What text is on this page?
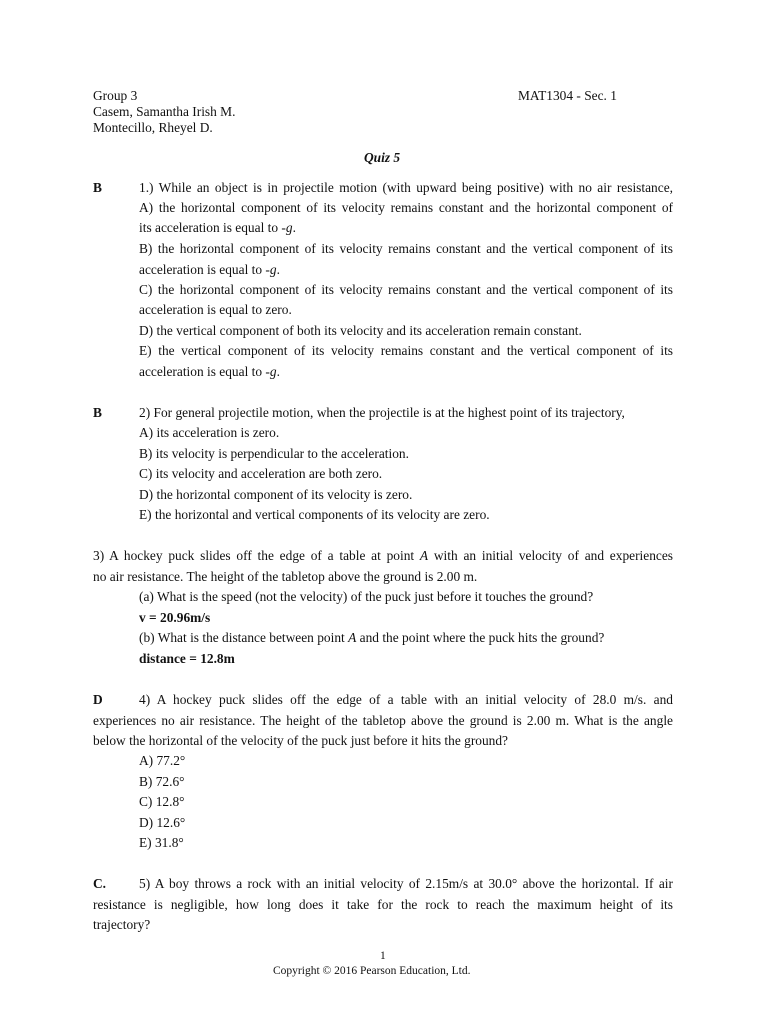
Group 3	MAT1304 - Sec. 1
Casem, Samantha Irish M.
Montecillo, Rheyel D.
Quiz 5
B	1.) While an object is in projectile motion (with upward being positive) with no air resistance,
A) the horizontal component of its velocity remains constant and the horizontal component of
its acceleration is equal to -g.
B) the horizontal component of its velocity remains constant and the vertical component of its
acceleration is equal to -g.
C) the horizontal component of its velocity remains constant and the vertical component of its
acceleration is equal to zero.
D) the vertical component of both its velocity and its acceleration remain constant.
E) the vertical component of its velocity remains constant and the vertical component of its
acceleration is equal to -g.
B	2) For general projectile motion, when the projectile is at the highest point of its trajectory,
A) its acceleration is zero.
B) its velocity is perpendicular to the acceleration.
C) its velocity and acceleration are both zero.
D) the horizontal component of its velocity is zero.
E) the horizontal and vertical components of its velocity are zero.
3) A hockey puck slides off the edge of a table at point A with an initial velocity of and experiences
no air resistance. The height of the tabletop above the ground is 2.00 m.
(a) What is the speed (not the velocity) of the puck just before it touches the ground?
v = 20.96m/s
(b) What is the distance between point A and the point where the puck hits the ground?
distance = 12.8m
D	4) A hockey puck slides off the edge of a table with an initial velocity of 28.0 m/s. and
experiences no air resistance. The height of the tabletop above the ground is 2.00 m. What is the angle
below the horizontal of the velocity of the puck just before it hits the ground?
A) 77.2°
B) 72.6°
C) 12.8°
D) 12.6°
E) 31.8°
C. 5) A boy throws a rock with an initial velocity of 2.15m/s at 30.0° above the horizontal. If air
resistance is negligible, how long does it take for the rock to reach the maximum height of its
trajectory?
1
Copyright © 2016 Pearson Education, Ltd.
